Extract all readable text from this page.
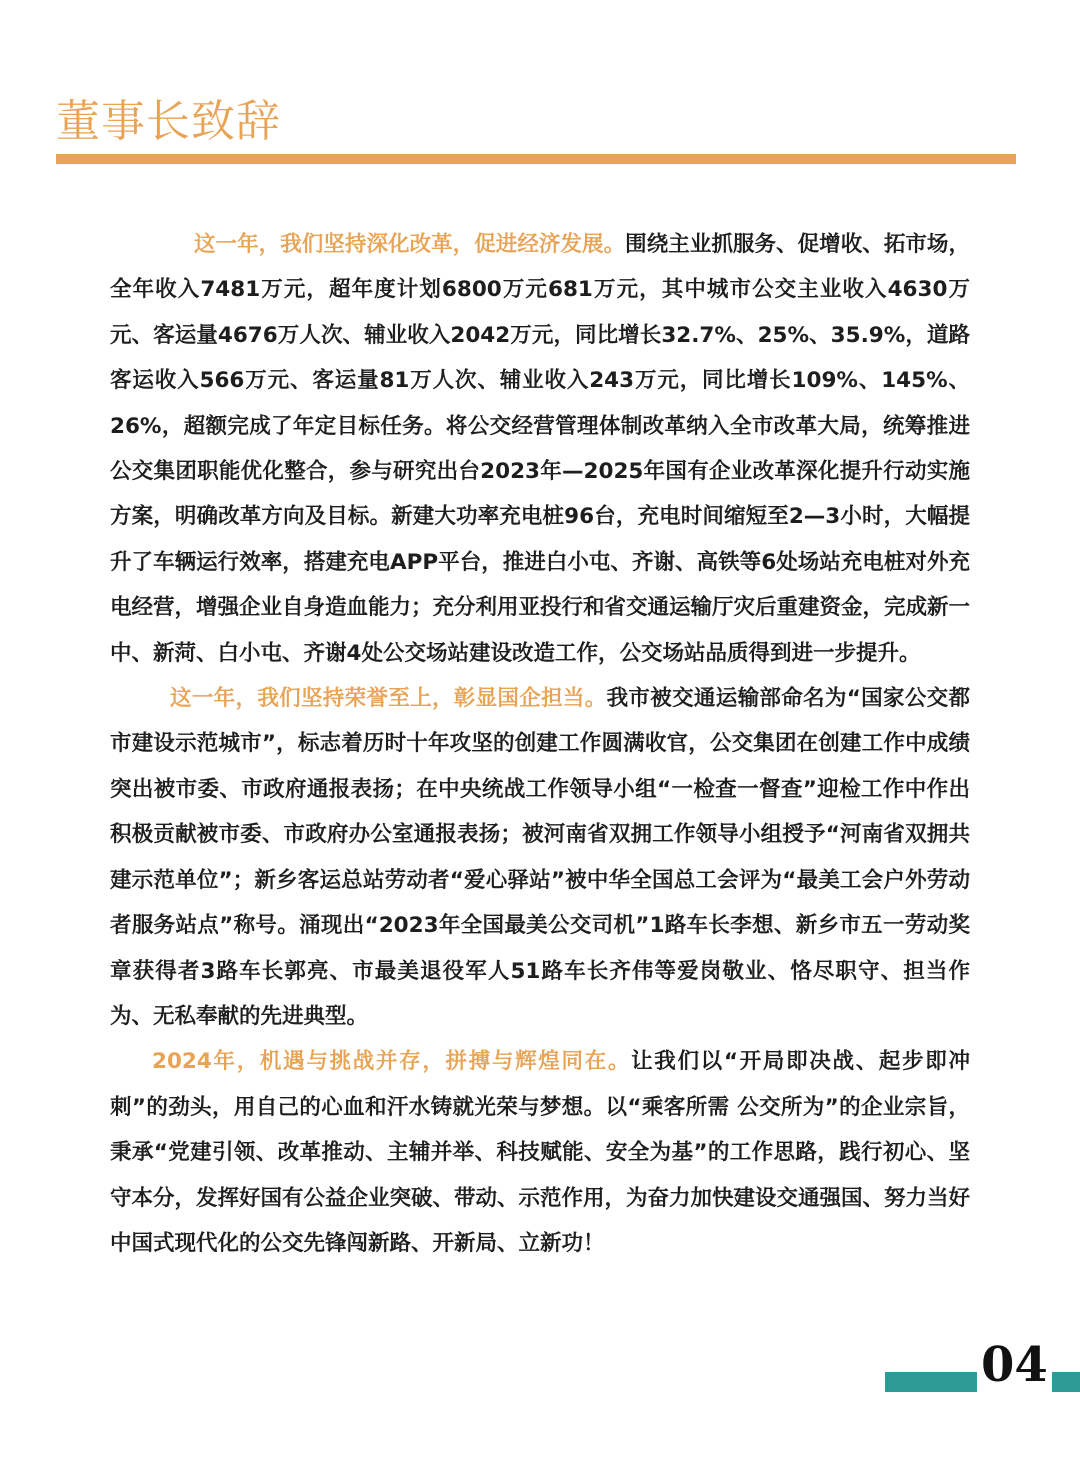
董事长致辞

这一年，我们坚持深化改革，促进经济发展。围绕主业抓服务、促增收、拓市场，全年收入7481万元，超年度计划6800万元681万元，其中城市公交主业收入4630万元、客运量4676万人次、辅业收入2042万元，同比增长32.7%、25%、35.9%，道路客运收入566万元、客运量81万人次、辅业收入243万元，同比增长109%、145%、26%，超额完成了年定目标任务。将公交经营管理体制改革纳入全市改革大局，统筹推进公交集团职能优化整合，参与研究出台2023年—2025年国有企业改革深化提升行动实施方案，明确改革方向及目标。新建大功率充电桩96台，充电时间缩短至2—3小时，大幅提升了车辆运行效率，搭建充电APP平台，推进白小屯、齐谢、高铁等6处场站充电桩对外充电经营，增强企业自身造血能力；充分利用亚投行和省交通运输厅灾后重建资金，完成新一中、新菏、白小屯、齐谢4处公交场站建设改造工作，公交场站品质得到进一步提升。

这一年，我们坚持荣誉至上，彰显国企担当。我市被交通运输部命名为“国家公交都市建设示范城市”，标志着历时十年攻坚的创建工作圆满收官，公交集团在创建工作中成绩突出被市委、市政府通报表扬；在中央统战工作领导小组“一检查一督查”迎检工作中作出积极贡献被市委、市政府办公室通报表扬；被河南省双拥工作领导小组授予“河南省双拥共建示范单位”；新乡客运总站劳动者“爱心驿站”被中华全国总工会评为“最美工会户外劳动者服务站点”称号。涌现出“2023年全国最美公交司机”1路车长李想、新乡市五一劳动奖章获得者3路车长郭亮、市最美退役军人51路车长齐伟等爱岗敬业、恪尽职守、担当作为、无私奉献的先进典型。

2024年，机遇与挑战并存，拼搏与辉煌同在。让我们以“开局即决战、起步即冲刺”的劲头，用自己的心血和汗水铸就光荣与梦想。以“乘客所需 公交所为”的企业宗旨，秉承“党建引领、改革推动、主辅并举、科技赋能、安全为基”的工作思路，践行初心、坚守本分，发挥好国有公益企业突破、带动、示范作用，为奋力加快建设交通强国、努力当好中国式现代化的公交先锋闯新路、开新局、立新功！

04
